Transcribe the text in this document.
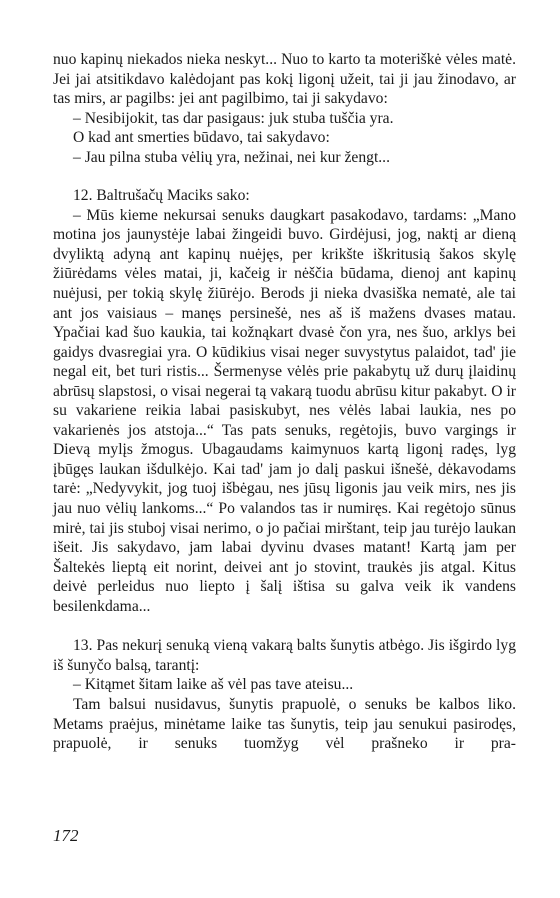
nuo kapinų niekados nieka neskyt... Nuo to karto ta moteriškė vėles matė. Jei jai atsitikdavo kalėdojant pas kokį ligonį užeit, tai ji jau žinodavo, ar tas mirs, ar pagilbs: jei ant pagilbimo, tai ji sakydavo:

– Nesibijokit, tas dar pasigaus: juk stuba tuščia yra.

O kad ant smerties būdavo, tai sakydavo:

– Jau pilna stuba vėlių yra, nežinai, nei kur žengt...

12. Baltrušačų Maciks sako:

– Mūs kieme nekursai senuks daugkart pasakodavo, tardams: „Mano motina jos jaunystėje labai žingeidi buvo. Girdėjusi, jog, naktį ar dieną dvyliktą adyną ant kapinų nuėjęs, per krikšte iškritusią šakos skylę žiūrėdams vėles matai, ji, kačeig ir nėščia būdama, dienoj ant kapinų nuėjusi, per tokią skylę žiūrėjo. Berods ji nieka dvasiška nematė, ale tai ant jos vaisiaus – manęs persinešė, nes aš iš mažens dvases matau. Ypačiai kad šuo kaukia, tai kožnąkart dvasė čon yra, nes šuo, arklys bei gaidys dvasregiai yra. O kūdikius visai neger suvystytus palaidot, tad' jie negal eit, bet turi ristis... Šermenyse vėlės prie pakabytų už durų įlaidinų abrūsų slapstosi, o visai negerai tą vakarą tuodu abrūsu kitur pakabyt. O ir su vakariene reikia labai pasiskubyt, nes vėlės labai laukia, nes po vakarienės jos atstoja...“ Tas pats senuks, regėtojis, buvo vargings ir Dievą mylįs žmogus. Ubagaudams kaimynuos kartą ligonį radęs, lyg įbūgęs laukan išdulkėjo. Kai tad' jam jo dalį paskui išnešė, dėkavodams tarė: „Nedyvykit, jog tuoj išbėgau, nes jūsų ligonis jau veik mirs, nes jis jau nuo vėlių lankoms...“ Po valandos tas ir numiręs. Kai regėtojo sūnus mirė, tai jis stuboj visai nerimo, o jo pačiai mirštant, teip jau turėjo laukan išeit. Jis sakydavo, jam labai dyvinu dvases matant! Kartą jam per Šaltekės lieptą eit norint, deivei ant jo stovint, traukės jis atgal. Kitus deivė perleidus nuo liepto į šalį ištisa su galva veik ik vandens besilenkdama...

13. Pas nekurį senuką vieną vakarą balts šunytis atbėgo. Jis išgirdo lyg iš šunyčo balsą, tarantį:

– Kitąmet šitam laike aš vėl pas tave ateisu...

Tam balsui nusidavus, šunytis prapuolė, o senuks be kalbos liko. Metams praėjus, minėtame laike tas šunytis, teip jau senukui pasirodęs, prapuolė, ir senuks tuomžyg vėl prašneko ir pra-

172
